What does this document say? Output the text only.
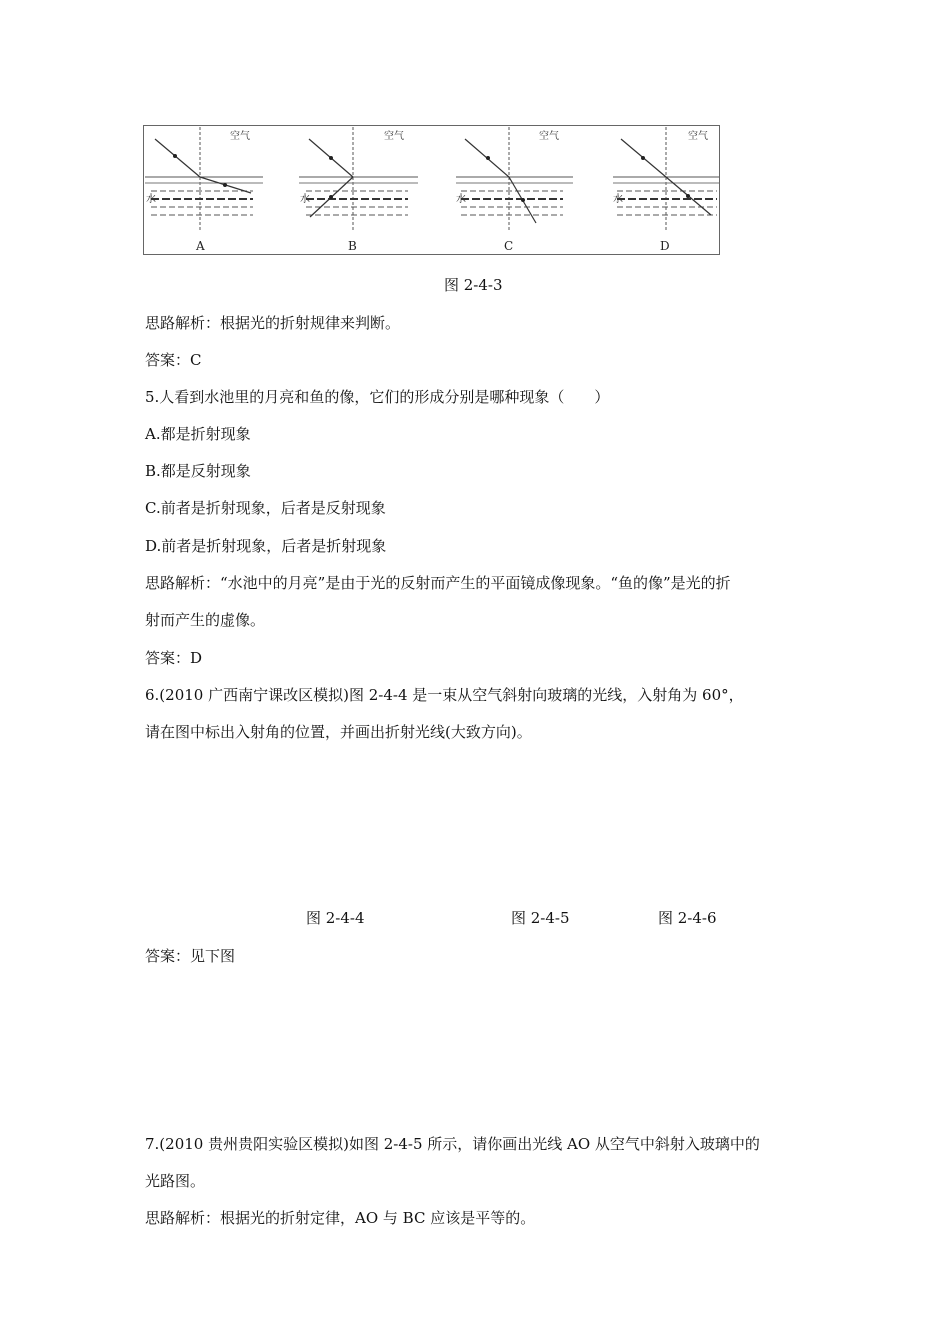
空气
水
A
空气
水
B
空气
水
C
空气
水
D
图 2-4-3
思路解析：根据光的折射规律来判断。
答案：C
5.人看到水池里的月亮和鱼的像，它们的形成分别是哪种现象（　　）
A.都是折射现象
B.都是反射现象
C.前者是折射现象，后者是反射现象
D.前者是折射现象，后者是折射现象
思路解析：“水池中的月亮”是由于光的反射而产生的平面镜成像现象。“鱼的像”是光的折
射而产生的虚像。
答案：D
6.(2010 广西南宁课改区模拟)图 2-4-4 是一束从空气斜射向玻璃的光线，入射角为 60°，
请在图中标出入射角的位置，并画出折射光线(大致方向)。
图 2-4-4	图 2-4-5	图 2-4-6
答案：见下图
7.(2010 贵州贵阳实验区模拟)如图 2-4-5 所示，请你画出光线 AO 从空气中斜射入玻璃中的
光路图。
思路解析：根据光的折射定律，AO 与 BC 应该是平等的。
